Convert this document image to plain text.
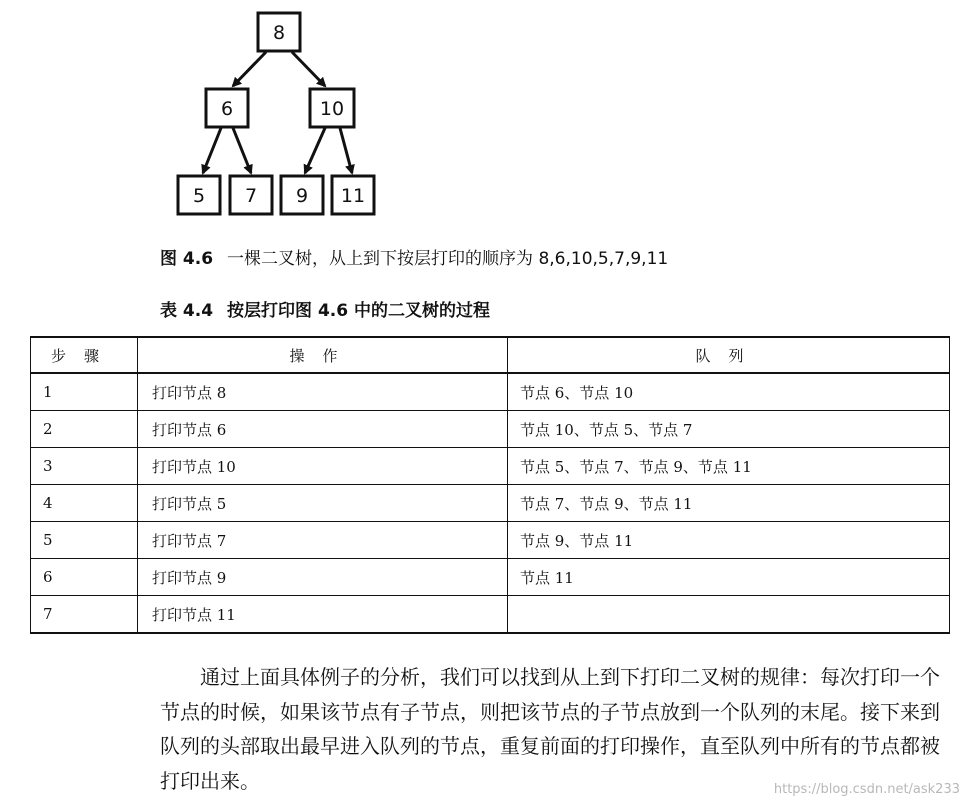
8
6	10
5 7 9 11
图 4.6 一棵二叉树，从上到下按层打印的顺序为 8,6,10,5,7,9,11
表 4.4 按层打印图 4.6 中的二叉树的过程
步骤	操作	队列
1	打印节点 8	节点 6、节点 10
2	打印节点 6	节点 10、节点 5、节点 7
3	打印节点 10	节点 5、节点 7、节点 9、节点 11
4	打印节点 5	节点 7、节点 9、节点 11
5	打印节点 7	节点 9、节点 11
6	打印节点 9	节点 11
7	打印节点 11	

通过上面具体例子的分析，我们可以找到从上到下打印二叉树的规律：每次打印一个节点的时候，如果该节点有子节点，则把该节点的子节点放到一个队列的末尾。接下来到队列的头部取出最早进入队列的节点，重复前面的打印操作，直至队列中所有的节点都被打印出来。	https://blog.csdn.net/ask233
